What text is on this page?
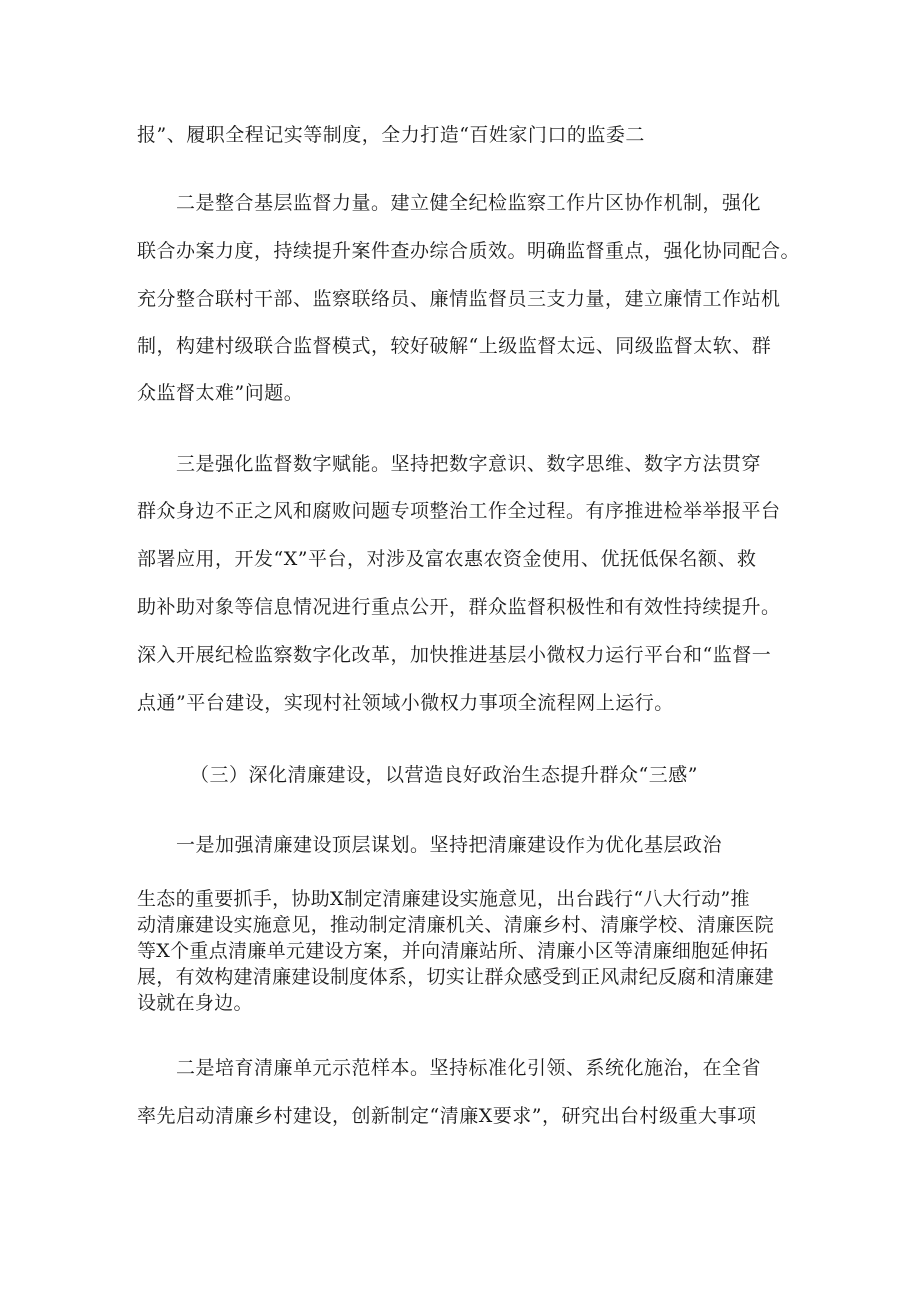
报”、履职全程记实等制度，全力打造“百姓家门口的监委二
二是整合基层监督力量。建立健全纪检监察工作片区协作机制，强化
联合办案力度，持续提升案件查办综合质效。明确监督重点，强化协同配合。
充分整合联村干部、监察联络员、廉情监督员三支力量，建立廉情工作站机
制，构建村级联合监督模式，较好破解“上级监督太远、同级监督太软、群
众监督太难”问题。
三是强化监督数字赋能。坚持把数字意识、数字思维、数字方法贯穿
群众身边不正之风和腐败问题专项整治工作全过程。有序推进检举举报平台
部署应用，开发“X”平台，对涉及富农惠农资金使用、优抚低保名额、救
助补助对象等信息情况进行重点公开，群众监督积极性和有效性持续提升。
深入开展纪检监察数字化改革，加快推进基层小微权力运行平台和“监督一
点通”平台建设，实现村社领域小微权力事项全流程网上运行。
（三）深化清廉建设，以营造良好政治生态提升群众“三感”
一是加强清廉建设顶层谋划。坚持把清廉建设作为优化基层政治
生态的重要抓手，协助X制定清廉建设实施意见，出台践行“八大行动”推
动清廉建设实施意见，推动制定清廉机关、清廉乡村、清廉学校、清廉医院
等X个重点清廉单元建设方案，并向清廉站所、清廉小区等清廉细胞延伸拓
展，有效构建清廉建设制度体系，切实让群众感受到正风肃纪反腐和清廉建
设就在身边。
二是培育清廉单元示范样本。坚持标准化引领、系统化施治，在全省
率先启动清廉乡村建设，创新制定“清廉X要求”，研究出台村级重大事项
